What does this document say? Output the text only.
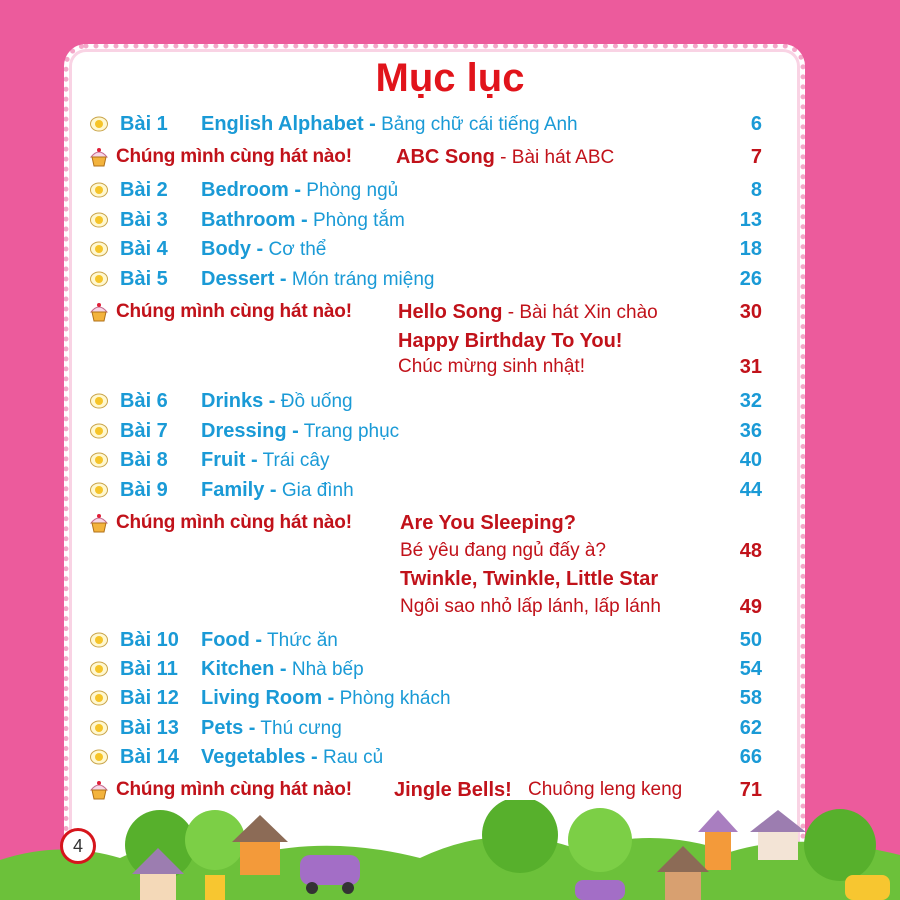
Mục lục
Bài 1 English Alphabet - Bảng chữ cái tiếng Anh	6
Chúng mình cùng hát nào! ABC Song - Bài hát ABC	7
Bài 2 Bedroom - Phòng ngủ	8
Bài 3 Bathroom - Phòng tắm	13
Bài 4 Body - Cơ thể	18
Bài 5 Dessert - Món tráng miệng	26
Chúng mình cùng hát nào! Hello Song - Bài hát Xin chào	30
Happy Birthday To You!
Chúc mừng sinh nhật!	31
Bài 6 Drinks - Đồ uống	32
Bài 7 Dressing - Trang phục	36
Bài 8 Fruit - Trái cây	40
Bài 9 Family - Gia đình	44
Chúng mình cùng hát nào! Are You Sleeping?
Bé yêu đang ngủ đấy à?	48
Twinkle, Twinkle, Little Star
Ngôi sao nhỏ lấp lánh, lấp lánh	49
Bài 10 Food - Thức ăn	50
Bài 11 Kitchen - Nhà bếp	54
Bài 12 Living Room - Phòng khách	58
Bài 13 Pets - Thú cưng	62
Bài 14 Vegetables - Rau củ	66
Chúng mình cùng hát nào! Jingle Bells! Chuông leng keng	71
4
